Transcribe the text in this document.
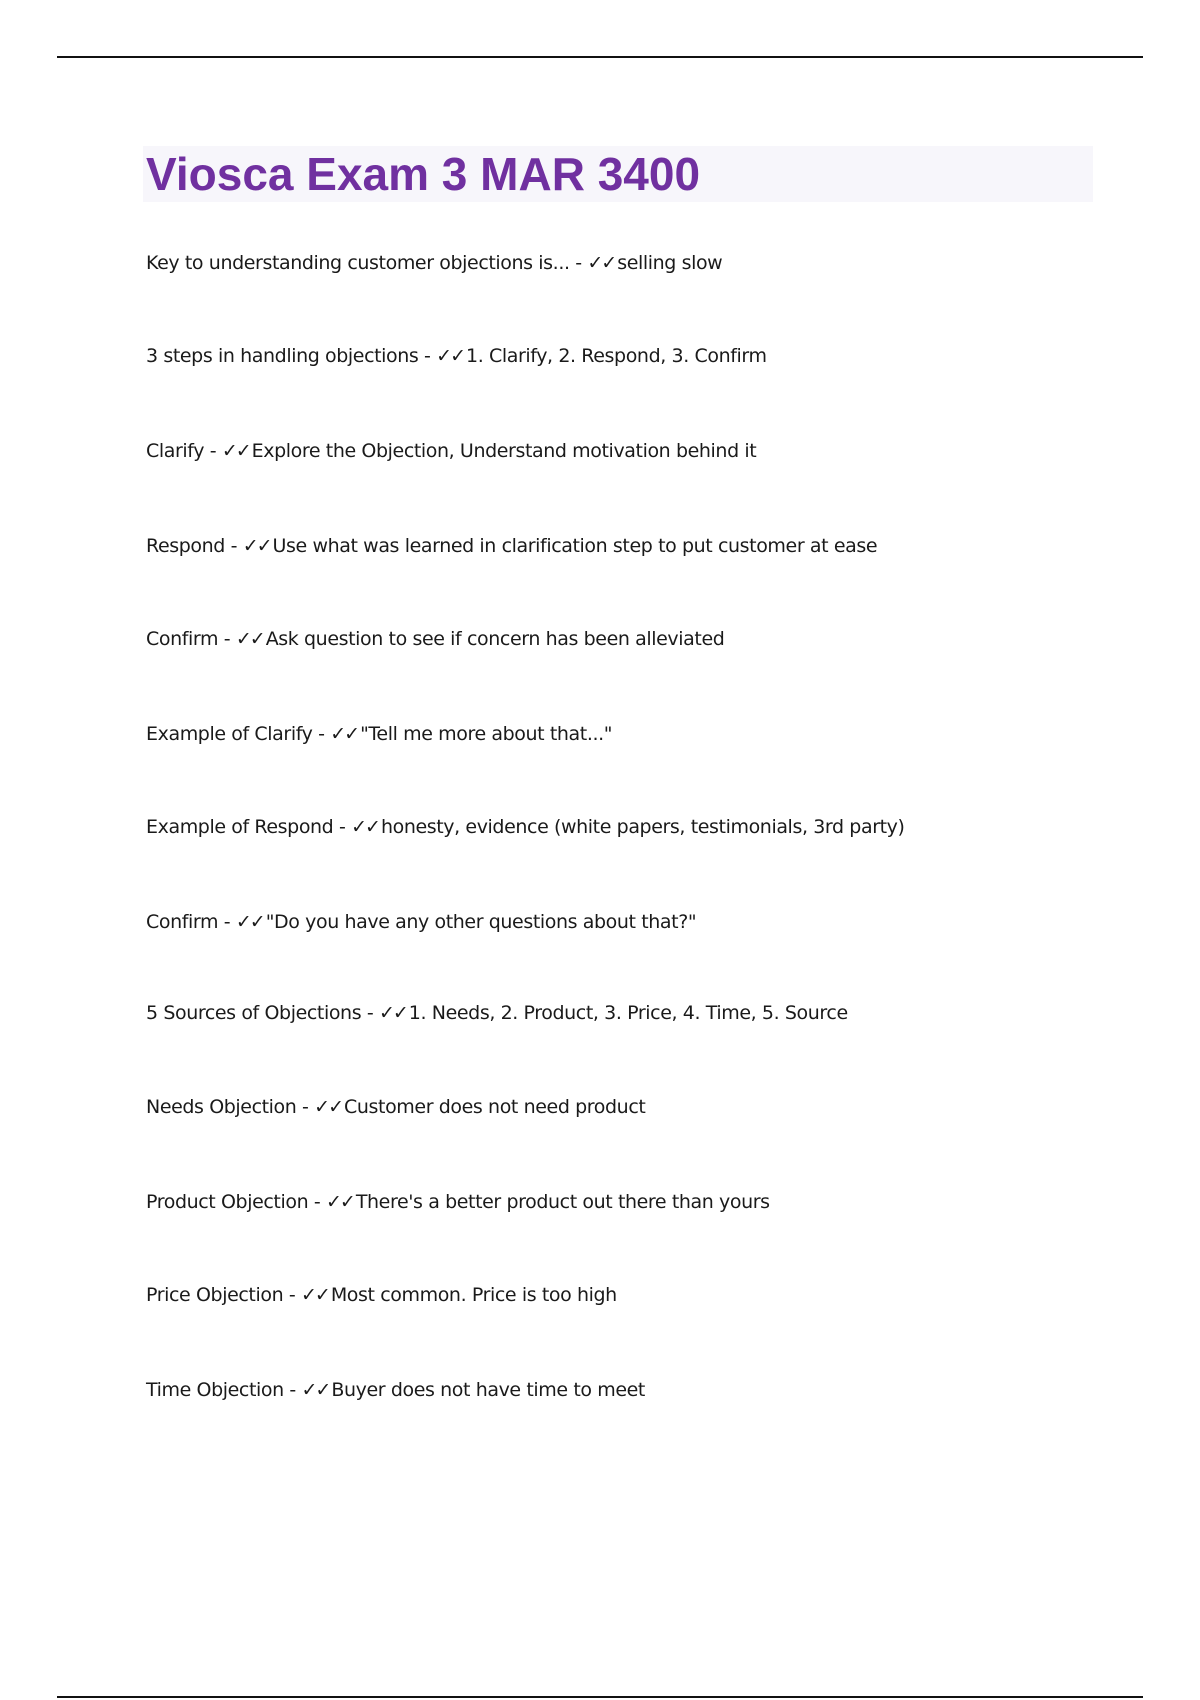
Viosca Exam 3 MAR 3400
Key to understanding customer objections is... - ✓✓ selling slow
3 steps in handling objections - ✓✓ 1. Clarify, 2. Respond, 3. Confirm
Clarify - ✓✓ Explore the Objection, Understand motivation behind it
Respond - ✓✓ Use what was learned in clarification step to put customer at ease
Confirm - ✓✓ Ask question to see if concern has been alleviated
Example of Clarify - ✓✓ "Tell me more about that..."
Example of Respond - ✓✓ honesty, evidence (white papers, testimonials, 3rd party)
Confirm - ✓✓ "Do you have any other questions about that?"
5 Sources of Objections - ✓✓ 1. Needs, 2. Product, 3. Price, 4. Time, 5. Source
Needs Objection - ✓✓ Customer does not need product
Product Objection - ✓✓ There's a better product out there than yours
Price Objection - ✓✓ Most common. Price is too high
Time Objection - ✓✓ Buyer does not have time to meet
